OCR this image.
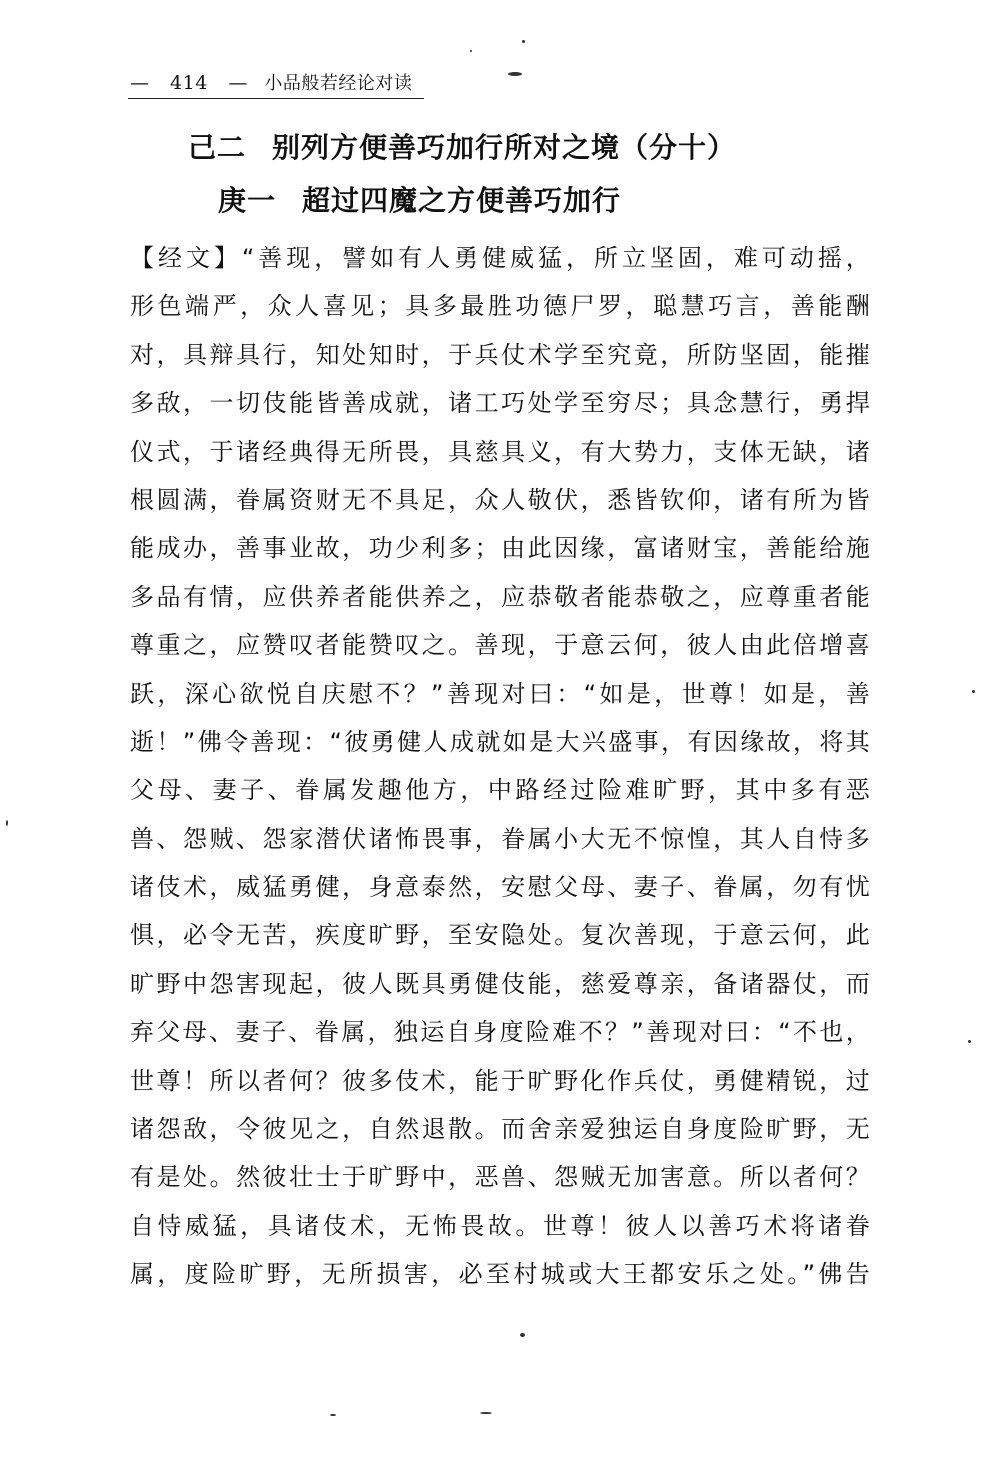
— 414 — 小品般若经论对读
己二 别列方便善巧加行所对之境（分十）
庚一 超过四魔之方便善巧加行
【经文】“善现，譬如有人勇健威猛，所立坚固，难可动摇，
形色端严，众人喜见；具多最胜功德尸罗，聪慧巧言，善能酬
对，具辩具行，知处知时，于兵仗术学至究竟，所防坚固，能摧
多敌，一切伎能皆善成就，诸工巧处学至穷尽；具念慧行，勇捍
仪式，于诸经典得无所畏，具慈具义，有大势力，支体无缺，诸
根圆满，眷属资财无不具足，众人敬伏，悉皆钦仰，诸有所为皆
能成办，善事业故，功少利多；由此因缘，富诸财宝，善能给施
多品有情，应供养者能供养之，应恭敬者能恭敬之，应尊重者能
尊重之，应赞叹者能赞叹之。善现，于意云何，彼人由此倍增喜
跃，深心欲悦自庆慰不？”善现对曰：“如是，世尊！如是，善
逝！”佛令善现：“彼勇健人成就如是大兴盛事，有因缘故，将其
父母、妻子、眷属发趣他方，中路经过险难旷野，其中多有恶
兽、怨贼、怨家潜伏诸怖畏事，眷属小大无不惊惶，其人自恃多
诸伎术，威猛勇健，身意泰然，安慰父母、妻子、眷属，勿有忧
惧，必令无苦，疾度旷野，至安隐处。复次善现，于意云何，此
旷野中怨害现起，彼人既具勇健伎能，慈爱尊亲，备诸器仗，而
弃父母、妻子、眷属，独运自身度险难不？”善现对曰：“不也，
世尊！所以者何？彼多伎术，能于旷野化作兵仗，勇健精锐，过
诸怨敌，令彼见之，自然退散。而舍亲爱独运自身度险旷野，无
有是处。然彼壮士于旷野中，恶兽、怨贼无加害意。所以者何？
自恃威猛，具诸伎术，无怖畏故。世尊！彼人以善巧术将诸眷
属，度险旷野，无所损害，必至村城或大王都安乐之处。”佛告
